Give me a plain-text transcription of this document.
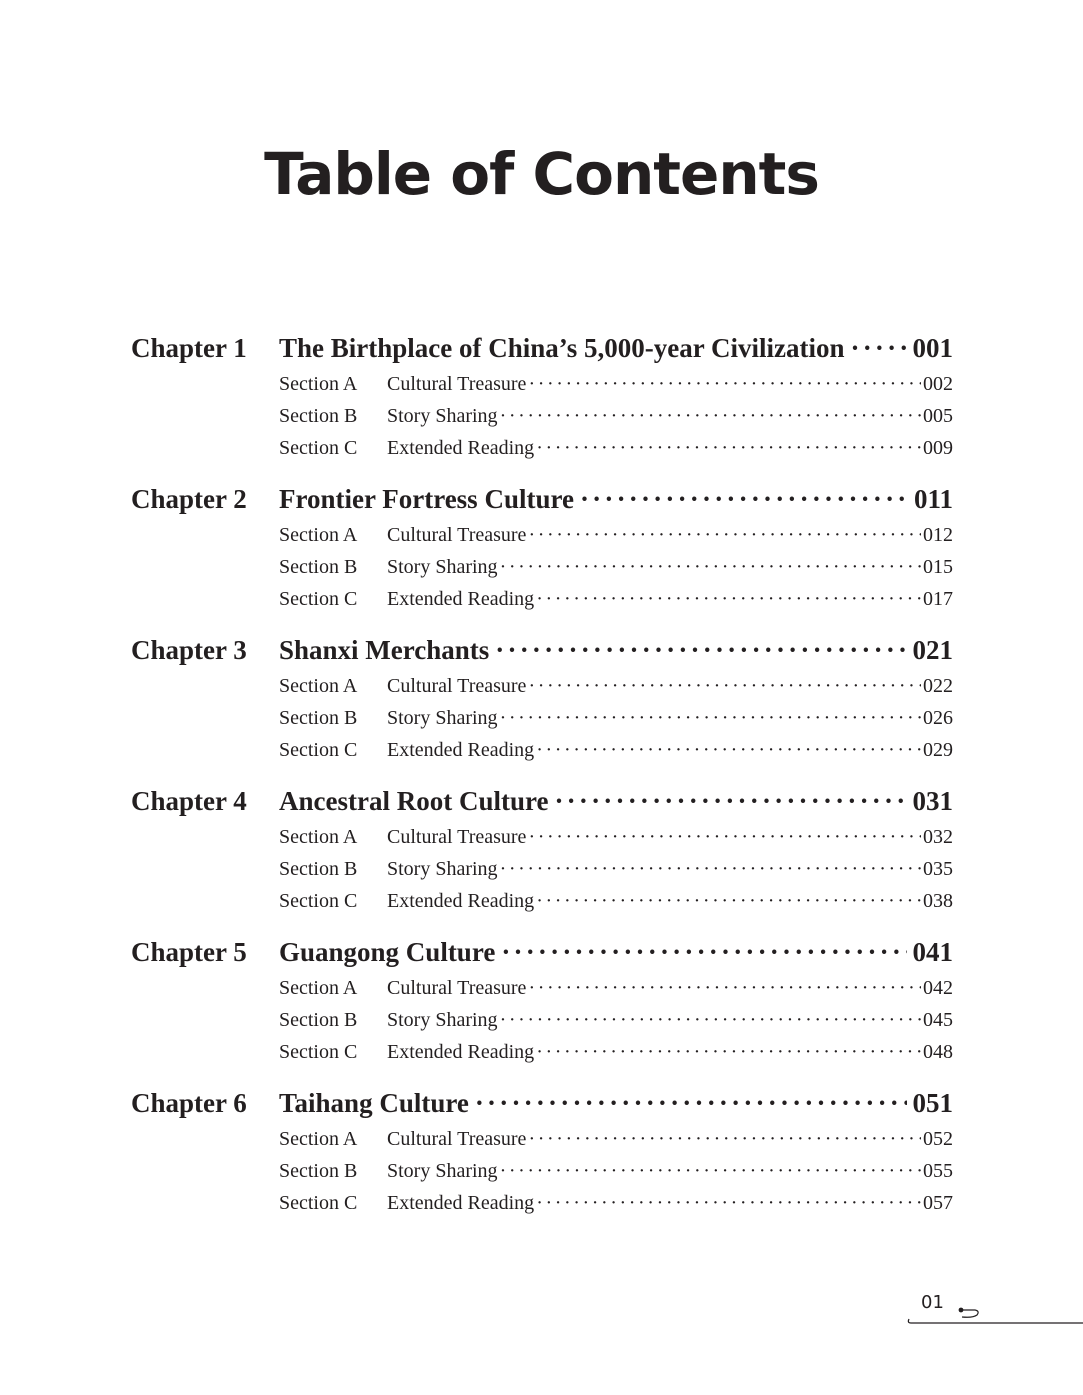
Table of Contents
Chapter 1	The Birthplace of China’s 5,000-year Civilization ·····	001
Section A	Cultural Treasure ·····	002
Section B	Story Sharing ·····	005
Section C	Extended Reading ·····	009
Chapter 2	Frontier Fortress Culture ·····	011
Section A	Cultural Treasure ·····	012
Section B	Story Sharing ·····	015
Section C	Extended Reading ·····	017
Chapter 3	Shanxi Merchants ·····	021
Section A	Cultural Treasure ·····	022
Section B	Story Sharing ·····	026
Section C	Extended Reading ·····	029
Chapter 4	Ancestral Root Culture ·····	031
Section A	Cultural Treasure ·····	032
Section B	Story Sharing ·····	035
Section C	Extended Reading ·····	038
Chapter 5	Guangong Culture ·····	041
Section A	Cultural Treasure ·····	042
Section B	Story Sharing ·····	045
Section C	Extended Reading ·····	048
Chapter 6	Taihang Culture ·····	051
Section A	Cultural Treasure ·····	052
Section B	Story Sharing ·····	055
Section C	Extended Reading ·····	057
01
